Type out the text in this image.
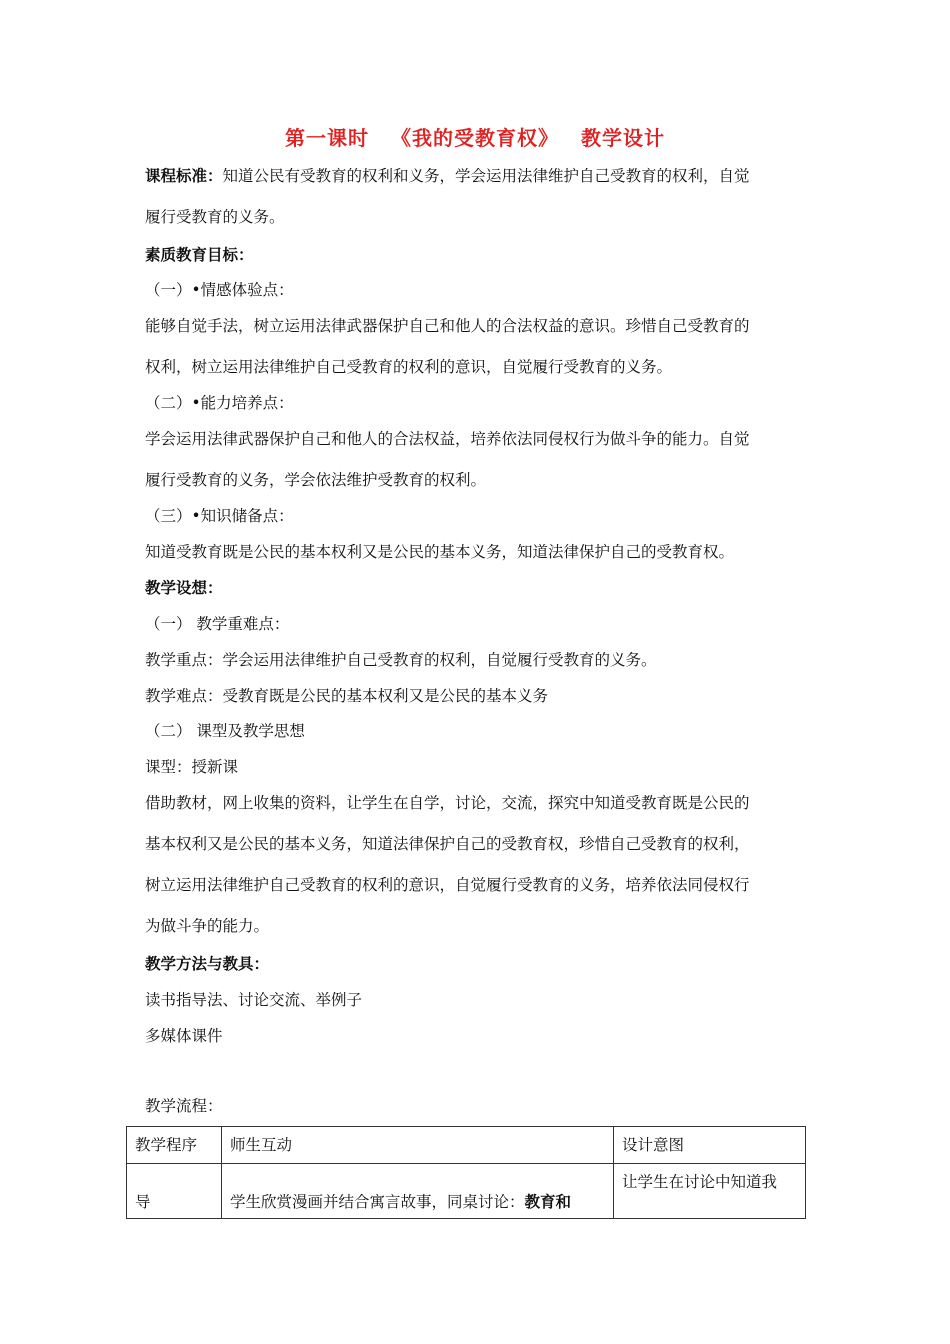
第一课时 《我的受教育权》 教学设计
课程标准：知道公民有受教育的权利和义务，学会运用法律维护自己受教育的权利，自觉
履行受教育的义务。
素质教育目标：
（一）•情感体验点：
能够自觉手法，树立运用法律武器保护自己和他人的合法权益的意识。珍惜自己受教育的
权利，树立运用法律维护自己受教育的权利的意识，自觉履行受教育的义务。
（二）•能力培养点：
学会运用法律武器保护自己和他人的合法权益，培养依法同侵权行为做斗争的能力。自觉
履行受教育的义务，学会依法维护受教育的权利。
（三）•知识储备点：
知道受教育既是公民的基本权利又是公民的基本义务，知道法律保护自己的受教育权。
教学设想：
（一） 教学重难点：
教学重点：学会运用法律维护自己受教育的权利，自觉履行受教育的义务。
教学难点：受教育既是公民的基本权利又是公民的基本义务
（二） 课型及教学思想
课型：授新课
借助教材，网上收集的资料，让学生在自学，讨论，交流，探究中知道受教育既是公民的
基本权利又是公民的基本义务，知道法律保护自己的受教育权，珍惜自己受教育的权利，
树立运用法律维护自己受教育的权利的意识，自觉履行受教育的义务，培养依法同侵权行
为做斗争的能力。
教学方法与教具：
读书指导法、讨论交流、举例子
多媒体课件
教学流程：
教学程序	师生互动	设计意图
导	学生欣赏漫画并结合寓言故事，同桌讨论：教育和	让学生在讨论中知道我
